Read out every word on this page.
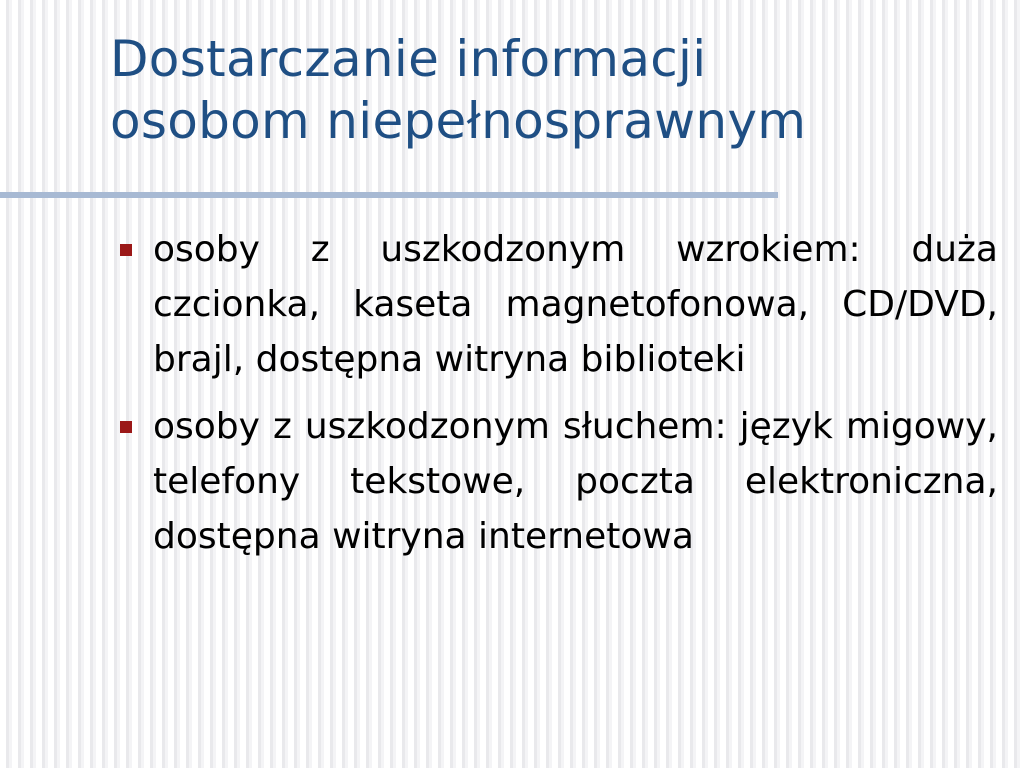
Dostarczanie informacji
osobom niepełnosprawnym
osoby z uszkodzonym wzrokiem: duża czcionka, kaseta magnetofonowa, CD/DVD, brajl, dostępna witryna biblioteki
osoby z uszkodzonym słuchem: język migowy, telefony tekstowe, poczta elektroniczna, dostępna witryna internetowa
